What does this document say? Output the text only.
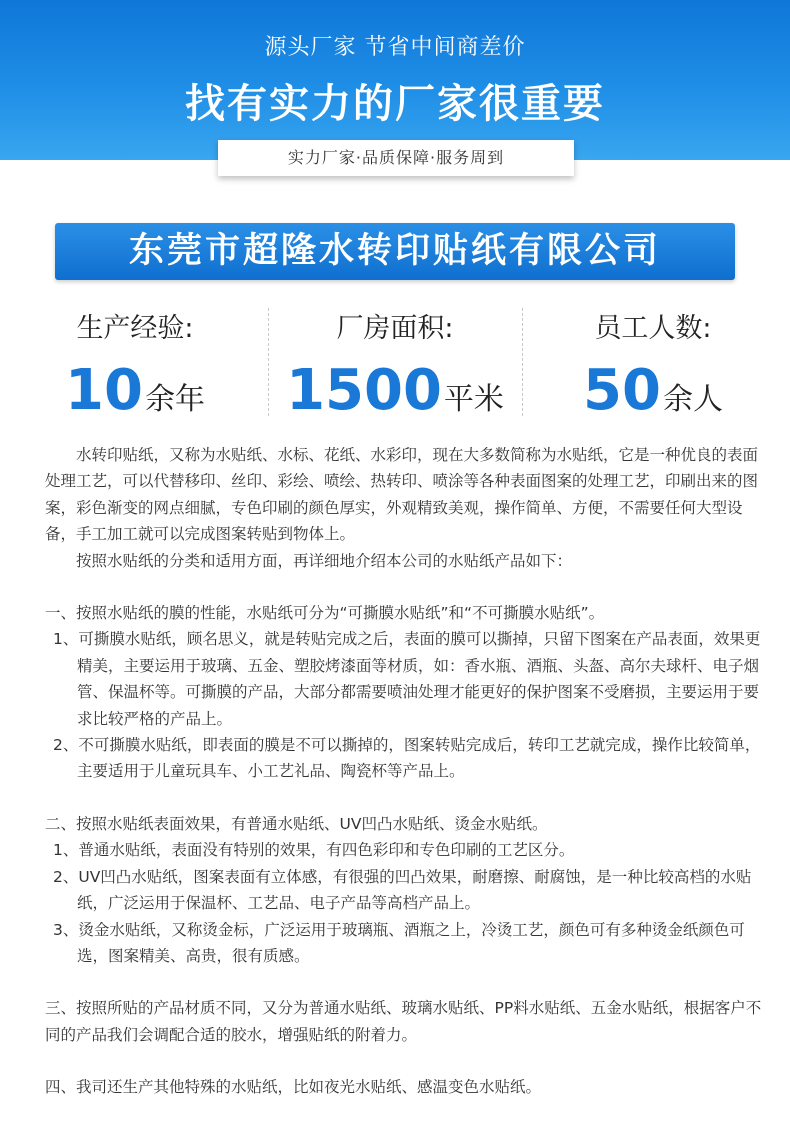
源头厂家 节省中间商差价
找有实力的厂家很重要
实力厂家·品质保障·服务周到
东莞市超隆水转印贴纸有限公司
生产经验:
10余年
厂房面积:
1500平米
员工人数:
50余人

水转印贴纸，又称为水贴纸、水标、花纸、水彩印，现在大多数简称为水贴纸，它是一种优良的表面处理工艺，可以代替移印、丝印、彩绘、喷绘、热转印、喷涂等各种表面图案的处理工艺，印刷出来的图案，彩色渐变的网点细腻，专色印刷的颜色厚实，外观精致美观，操作简单、方便，不需要任何大型设备，手工加工就可以完成图案转贴到物体上。

按照水贴纸的分类和适用方面，再详细地介绍本公司的水贴纸产品如下：

一、按照水贴纸的膜的性能，水贴纸可分为“可撕膜水贴纸”和“不可撕膜水贴纸”。

1、可撕膜水贴纸，顾名思义，就是转贴完成之后，表面的膜可以撕掉，只留下图案在产品表面，效果更精美，主要运用于玻璃、五金、塑胶烤漆面等材质，如：香水瓶、酒瓶、头盔、高尔夫球杆、电子烟管、保温杯等。可撕膜的产品，大部分都需要喷油处理才能更好的保护图案不受磨损，主要运用于要求比较严格的产品上。

2、不可撕膜水贴纸，即表面的膜是不可以撕掉的，图案转贴完成后，转印工艺就完成，操作比较简单，主要适用于儿童玩具车、小工艺礼品、陶瓷杯等产品上。

二、按照水贴纸表面效果，有普通水贴纸、UV凹凸水贴纸、烫金水贴纸。

1、普通水贴纸，表面没有特别的效果，有四色彩印和专色印刷的工艺区分。

2、UV凹凸水贴纸，图案表面有立体感，有很强的凹凸效果，耐磨擦、耐腐蚀，是一种比较高档的水贴纸，广泛运用于保温杯、工艺品、电子产品等高档产品上。

3、烫金水贴纸，又称烫金标，广泛运用于玻璃瓶、酒瓶之上，冷烫工艺，颜色可有多种烫金纸颜色可选，图案精美、高贵，很有质感。

三、按照所贴的产品材质不同，又分为普通水贴纸、玻璃水贴纸、PP料水贴纸、五金水贴纸，根据客户不同的产品我们会调配合适的胶水，增强贴纸的附着力。

四、我司还生产其他特殊的水贴纸，比如夜光水贴纸、感温变色水贴纸。
